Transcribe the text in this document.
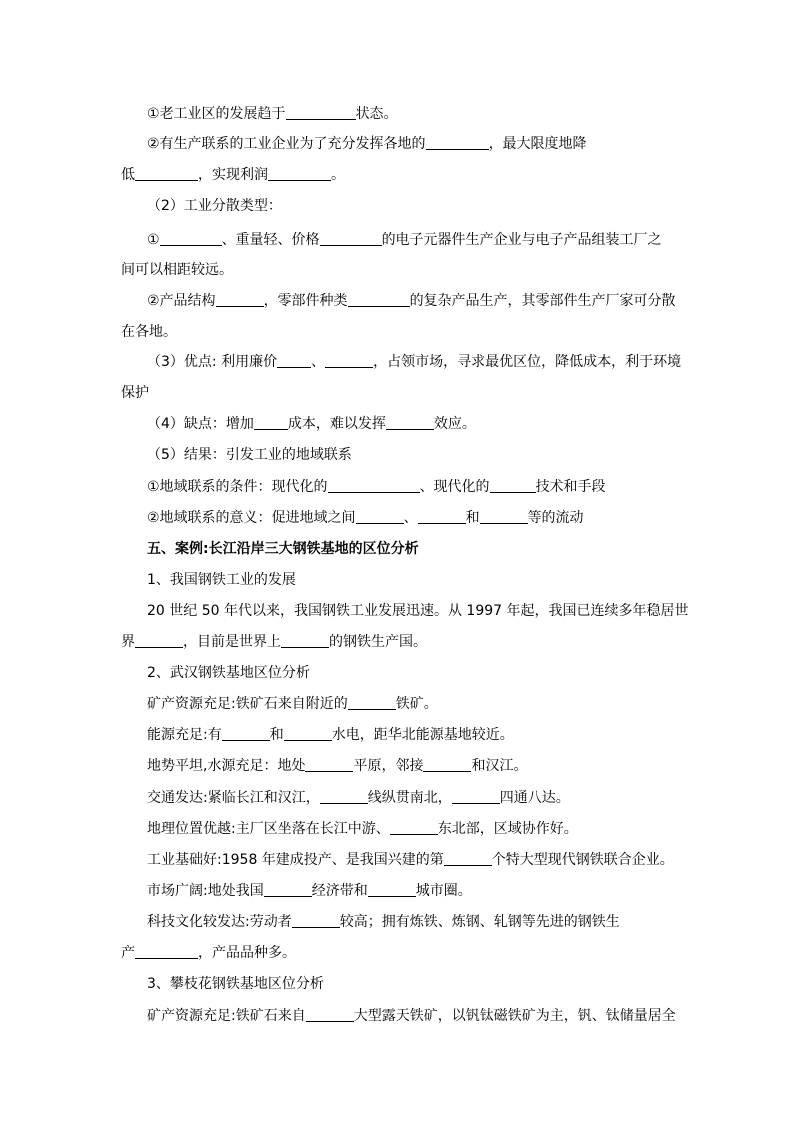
①老工业区的发展趋于	状态。
②有生产联系的工业企业为了充分发挥各地的	，最大限度地降
低	，实现利润	。
（2）工业分散类型：
①	、重量轻、价格	的电子元器件生产企业与电子产品组装工厂之
间可以相距较远。
②产品结构	，零部件种类	的复杂产品生产，其零部件生产厂家可分散
在各地。
（3）优点: 利用廉价 、	，占领市场，寻求最优区位，降低成本，利于环境
保护
（4）缺点：增加 成本，难以发挥	效应。
（5）结果：引发工业的地域联系
①地域联系的条件：现代化的	、现代化的	技术和手段
②地域联系的意义：促进地域之间	、	和	等的流动
五、案例:长江沿岸三大钢铁基地的区位分析
1、我国钢铁工业的发展
20 世纪 50 年代以来，我国钢铁工业发展迅速。从 1997 年起，我国已连续多年稳居世
界	，目前是世界上	的钢铁生产国。
2、武汉钢铁基地区位分析
矿产资源充足:铁矿石来自附近的	铁矿。
能源充足:有	和	水电，距华北能源基地较近。
地势平坦,水源充足：地处	平原，邻接	和汉江。
交通发达:紧临长江和汉江，	线纵贯南北，	四通八达。
地理位置优越:主厂区坐落在长江中游、	东北部，区域协作好。
工业基础好:1958 年建成投产、是我国兴建的第	个特大型现代钢铁联合企业。
市场广阔:地处我国	经济带和	城市圈。
科技文化较发达:劳动者	较高；拥有炼铁、炼钢、轧钢等先进的钢铁生
产	，产品品种多。
3、攀枝花钢铁基地区位分析
矿产资源充足:铁矿石来自	大型露天铁矿，以钒钛磁铁矿为主，钒、钛储量居全
